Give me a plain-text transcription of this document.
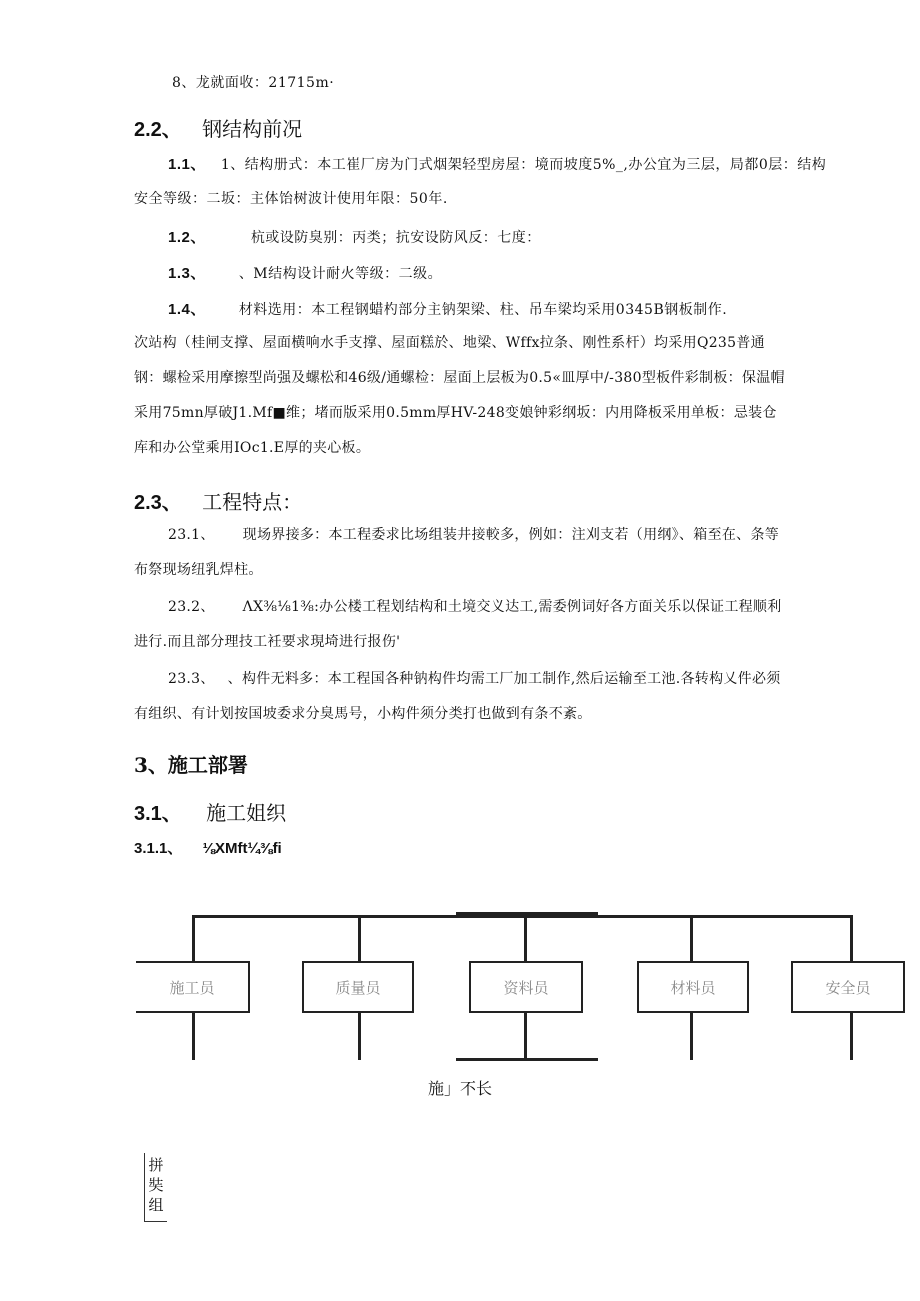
8、龙就面收：21715m·
2.2、 钢结构前况
1.1、 1、结构册式：本工崔厂房为门式烟架轻型房屋：境而坡度5%_,办公宜为三层，局都0层：结构
安全等级：二坂：主体饴树波计使用年限：50年.
1.2、	杭或设防臭别：丙类；抗安设防风反：七度：
1.3、 、M结构设计耐火等级：二级。
1.4、 材料选用：本工程钢蜡杓部分主钠架梁、柱、吊车梁均采用0345B钢板制作.
次站构（桂闸支撑、屋面横响水手支撑、屋面糕於、地梁、Wffx拉条、刚性系杆）均采用Q235普通钢：螺检采用摩擦型尚强及螺松和46级/通螺检：屋面上层板为0.5«皿厚中/-380型板件彩制板：保温帽采用75mn厚破J1.Mf■维；堵而版采用0.5mm厚HV-248变娘钟彩纲坂：内用降板采用单板：忌装仓库和办公堂乘用IOc1.E厚的夹心板。
2.3、 工程特点：
23.1、 现场界接多：本工程委求比场组装井接較多，例如：注刈支若（用纲》、箱至在、条等布祭现场纽乳焊柱。
23.2、 ΛX⅜⅛1⅜:办公楼工程划结构和土境交义达工,需委例词好各方面关乐以保证工程顺利进行.而且部分理技工衽要求現埼进行报伤'
23.3、 、构件无料多：本工程国各种钠构件均需工厂加工制作,然后运输至工池.各转构乂件必须有组织、有计划按国坡委求分臭馬号，小构件须分类打也做到有条不紊。
3、施工部署
3.1、 施工姐织
3.1.1、 ⅛XMft¼⅜fi
施工员	质量员	资料员	材料员	安全员
施」不长
拼
奘
组
